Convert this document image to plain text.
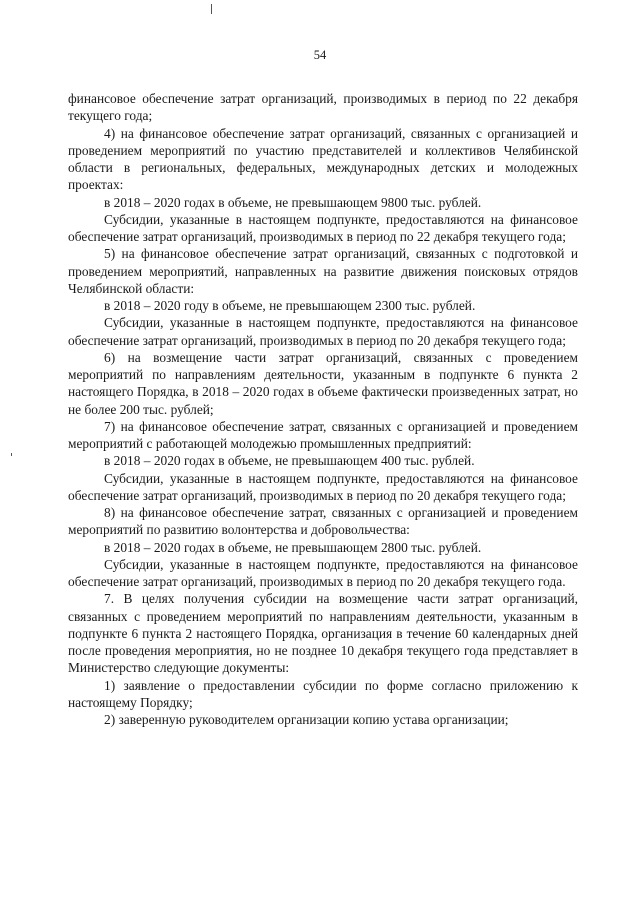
54

финансовое обеспечение затрат организаций, производимых в период по 22 декабря текущего года;

4) на финансовое обеспечение затрат организаций, связанных с организацией и проведением мероприятий по участию представителей и коллективов Челябинской области в региональных, федеральных, международных детских и молодежных проектах:

в 2018 – 2020 годах в объеме, не превышающем 9800 тыс. рублей.

Субсидии, указанные в настоящем подпункте, предоставляются на финансовое обеспечение затрат организаций, производимых в период по 22 декабря текущего года;

5) на финансовое обеспечение затрат организаций, связанных с подготовкой и проведением мероприятий, направленных на развитие движения поисковых отрядов Челябинской области:

в 2018 – 2020 году в объеме, не превышающем 2300 тыс. рублей.

Субсидии, указанные в настоящем подпункте, предоставляются на финансовое обеспечение затрат организаций, производимых в период по 20 декабря текущего года;

6) на возмещение части затрат организаций, связанных с проведением мероприятий по направлениям деятельности, указанным в подпункте 6 пункта 2 настоящего Порядка, в 2018 – 2020 годах в объеме фактически произведенных затрат, но не более 200 тыс. рублей;

7) на финансовое обеспечение затрат, связанных с организацией и проведением мероприятий с работающей молодежью промышленных предприятий:

в 2018 – 2020 годах в объеме, не превышающем 400 тыс. рублей.

Субсидии, указанные в настоящем подпункте, предоставляются на финансовое обеспечение затрат организаций, производимых в период по 20 декабря текущего года;

8) на финансовое обеспечение затрат, связанных с организацией и проведением мероприятий по развитию волонтерства и добровольчества:

в 2018 – 2020 годах в объеме, не превышающем 2800 тыс. рублей.

Субсидии, указанные в настоящем подпункте, предоставляются на финансовое обеспечение затрат организаций, производимых в период по 20 декабря текущего года.

7. В целях получения субсидии на возмещение части затрат организаций, связанных с проведением мероприятий по направлениям деятельности, указанным в подпункте 6 пункта 2 настоящего Порядка, организация в течение 60 календарных дней после проведения мероприятия, но не позднее 10 декабря текущего года представляет в Министерство следующие документы:

1) заявление о предоставлении субсидии по форме согласно приложению к настоящему Порядку;

2) заверенную руководителем организации копию устава организации;
